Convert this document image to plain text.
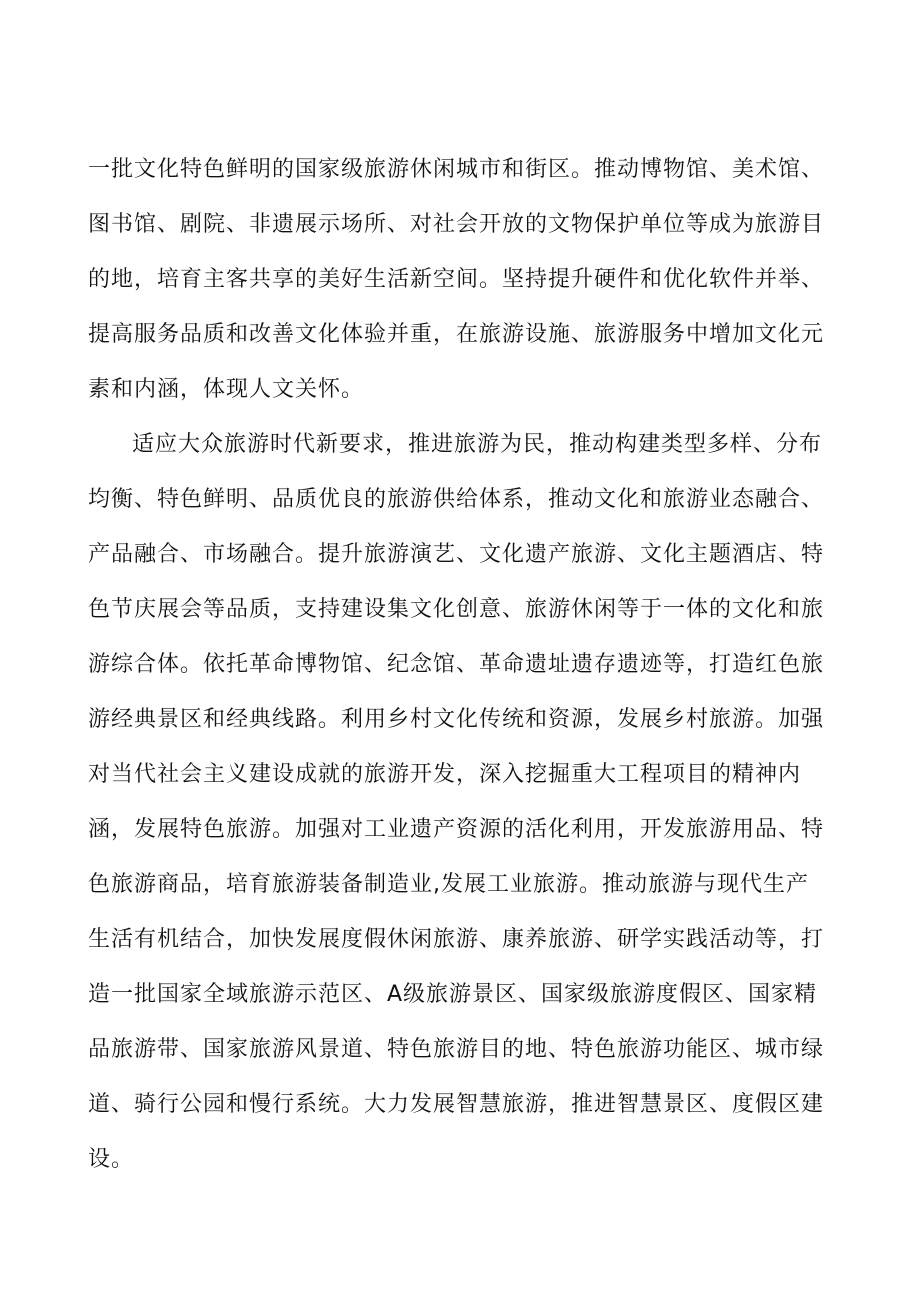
一批文化特色鲜明的国家级旅游休闲城市和街区。推动博物馆、美术馆、
图书馆、剧院、非遗展示场所、对社会开放的文物保护单位等成为旅游目
的地，培育主客共享的美好生活新空间。坚持提升硬件和优化软件并举、
提高服务品质和改善文化体验并重，在旅游设施、旅游服务中增加文化元
素和内涵，体现人文关怀。
适应大众旅游时代新要求，推进旅游为民，推动构建类型多样、分布
均衡、特色鲜明、品质优良的旅游供给体系，推动文化和旅游业态融合、
产品融合、市场融合。提升旅游演艺、文化遗产旅游、文化主题酒店、特
色节庆展会等品质，支持建设集文化创意、旅游休闲等于一体的文化和旅
游综合体。依托革命博物馆、纪念馆、革命遗址遗存遗迹等，打造红色旅
游经典景区和经典线路。利用乡村文化传统和资源，发展乡村旅游。加强
对当代社会主义建设成就的旅游开发，深入挖掘重大工程项目的精神内
涵，发展特色旅游。加强对工业遗产资源的活化利用，开发旅游用品、特
色旅游商品，培育旅游装备制造业,发展工业旅游。推动旅游与现代生产
生活有机结合，加快发展度假休闲旅游、康养旅游、研学实践活动等，打
造一批国家全域旅游示范区、A级旅游景区、国家级旅游度假区、国家精
品旅游带、国家旅游风景道、特色旅游目的地、特色旅游功能区、城市绿
道、骑行公园和慢行系统。大力发展智慧旅游，推进智慧景区、度假区建
设。
